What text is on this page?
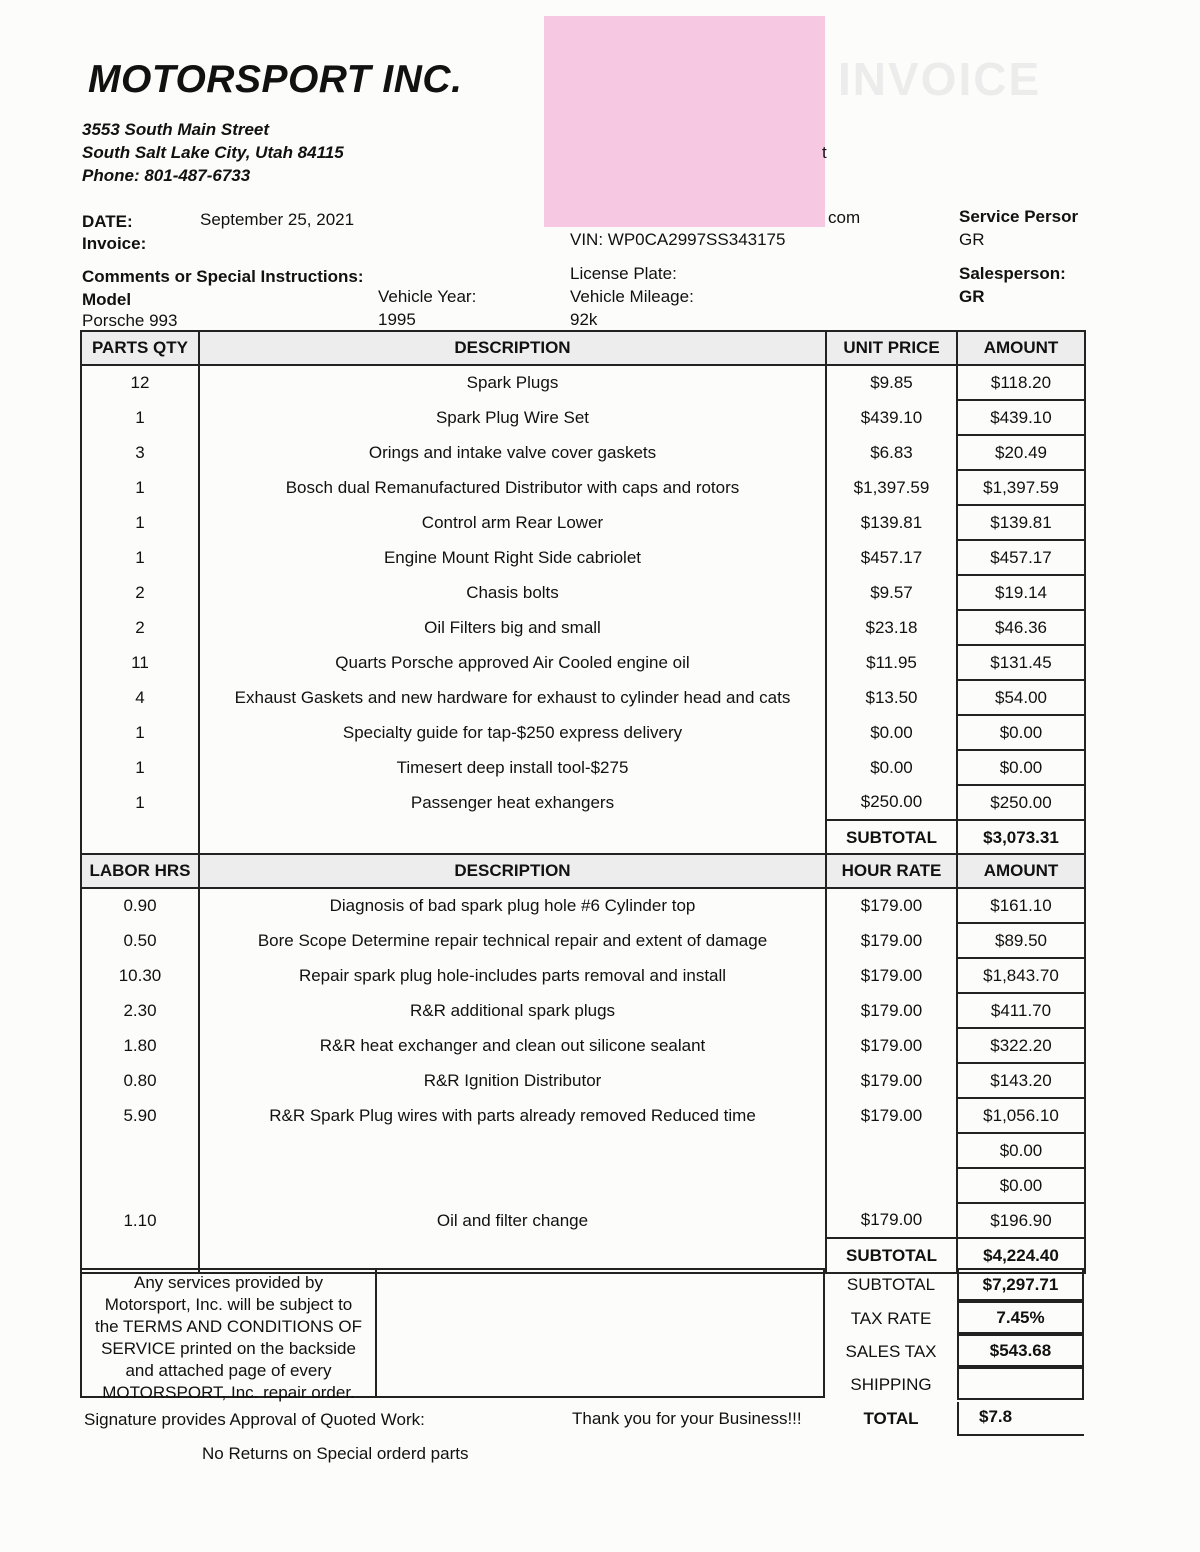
MOTORSPORT INC.
3553 South Main Street
South Salt Lake City, Utah 84115
Phone: 801-487-6733
INVOICE
t
com
DATE:	September 25, 2021
Invoice:	VIN: WP0CA2997SS343175
Service Persor
GR
Comments or Special Instructions:	License Plate:	Salesperson:
Model	Vehicle Year:	Vehicle Mileage:	GR
Porsche 993	1995	92k
PARTS QTY	DESCRIPTION	UNIT PRICE	AMOUNT
12	Spark Plugs	$9.85	$118.20
1	Spark Plug Wire Set	$439.10	$439.10
3	Orings and intake valve cover gaskets	$6.83	$20.49
1	Bosch dual Remanufactured Distributor with caps and rotors	$1,397.59	$1,397.59
1	Control arm Rear Lower	$139.81	$139.81
1	Engine Mount Right Side cabriolet	$457.17	$457.17
2	Chasis bolts	$9.57	$19.14
2	Oil Filters big and small	$23.18	$46.36
11	Quarts Porsche approved Air Cooled engine oil	$11.95	$131.45
4	Exhaust Gaskets and new hardware for exhaust to cylinder head and cats	$13.50	$54.00
1	Specialty guide for tap-$250 express delivery	$0.00	$0.00
1	Timesert deep install tool-$275	$0.00	$0.00
1	Passenger heat exhangers	$250.00	$250.00
		SUBTOTAL	$3,073.31
LABOR HRS	DESCRIPTION	HOUR RATE	AMOUNT
0.90	Diagnosis of bad spark plug hole #6 Cylinder top	$179.00	$161.10
0.50	Bore Scope Determine repair technical repair and extent of damage	$179.00	$89.50
10.30	Repair spark plug hole-includes parts removal and install	$179.00	$1,843.70
2.30	R&R additional spark plugs	$179.00	$411.70
1.80	R&R heat exchanger and clean out silicone sealant	$179.00	$322.20
0.80	R&R Ignition Distributor	$179.00	$143.20
5.90	R&R Spark Plug wires with parts already removed Reduced time	$179.00	$1,056.10
			$0.00
			$0.00
1.10	Oil and filter change	$179.00	$196.90
		SUBTOTAL	$4,224.40
Any services provided by
Motorsport, Inc. will be subject to
the TERMS AND CONDITIONS OF
SERVICE printed on the backside
and attached page of every
MOTORSPORT, Inc. repair order.
SUBTOTAL	$7,297.71
TAX RATE	7.45%
SALES TAX	$543.68
SHIPPING
TOTAL	$7.8
Signature provides Approval of Quoted Work:	Thank you for your Business!!!
No Returns on Special orderd parts
